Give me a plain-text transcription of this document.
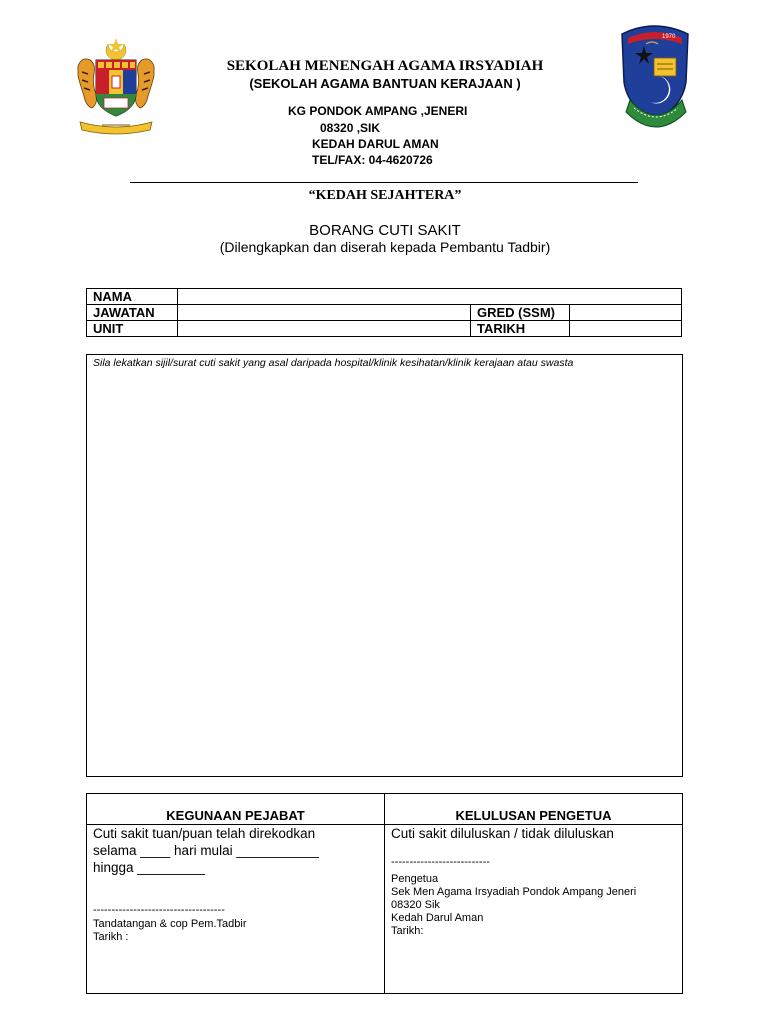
1970
SEKOLAH MENENGAH AGAMA IRSYADIAH
(SEKOLAH AGAMA BANTUAN KERAJAAN )
KG PONDOK AMPANG ,JENERI
08320 ,SIK
KEDAH DARUL AMAN
TEL/FAX: 04-4620726
“KEDAH SEJAHTERA”
BORANG CUTI SAKIT
(Dilengkapkan dan diserah kepada Pembantu Tadbir)
NAMA			
JAWATAN		GRED (SSM)	
UNIT		TARIKH	
Sila lekatkan sijil/surat cuti sakit yang asal daripada hospital/klinik kesihatan/klinik kerajaan atau swasta
KEGUNAAN PEJABAT	KELULUSAN PENGETUA
Cuti sakit tuan/puan telah direkodkan
selama ____ hari mulai ___________
hingga _________
------------------------------------
Tandatangan & cop Pem.Tadbir
Tarikh :
Cuti sakit diluluskan / tidak diluluskan
---------------------------
Pengetua
Sek Men Agama Irsyadiah Pondok Ampang Jeneri
08320 Sik
Kedah Darul Aman
Tarikh:
